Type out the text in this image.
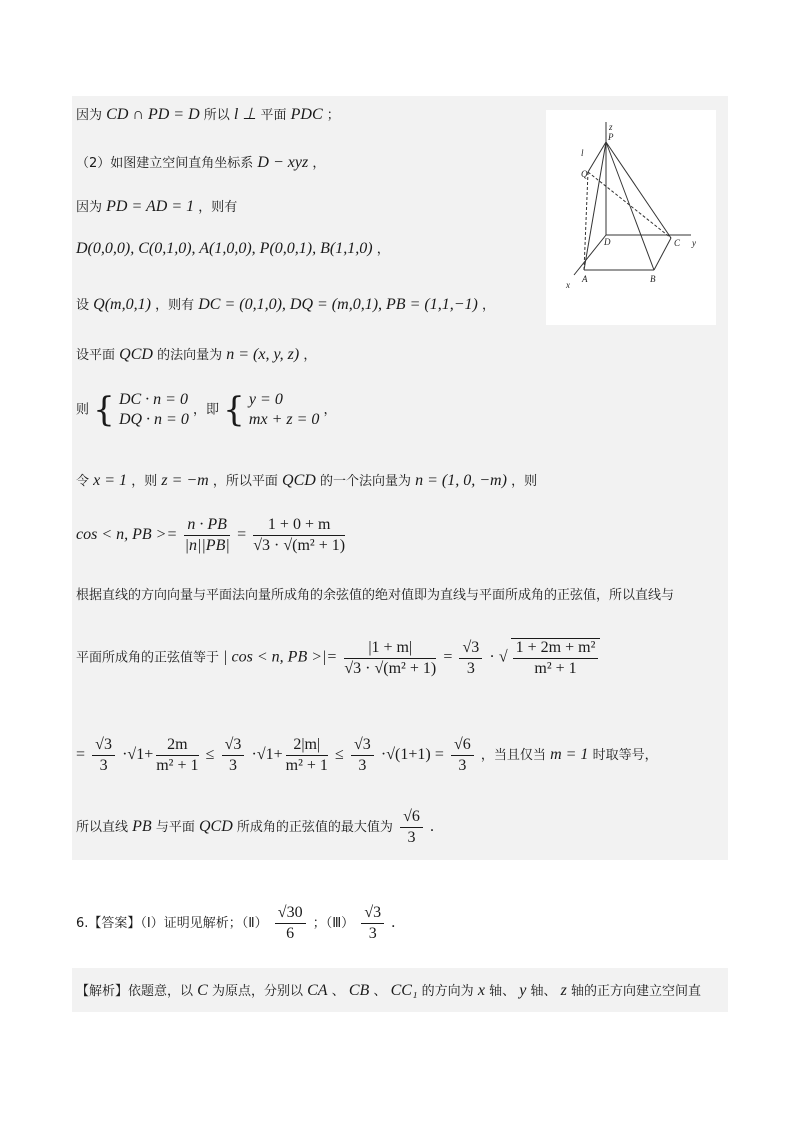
z
P
l
Q
D	C y
A	B
x
因为 CD ∩ PD = D 所以 l ⊥ 平面 PDC ；
（2）如图建立空间直角坐标系 D − xyz ，
因为 PD = AD = 1 ，则有
D(0,0,0), C(0,1,0), A(1,0,0), P(0,0,1), B(1,1,0) ，
设 Q(m,0,1) ，则有 DC = (0,1,0), DQ = (m,0,1), PB = (1,1,−1) ，
设平面 QCD 的法向量为 n = (x, y, z) ，
则 { DC · n = 0
DQ · n = 0
，即 { y = 0
mx + z = 0
，
令 x = 1 ，则 z = −m ，所以平面 QCD 的一个法向量为 n = (1, 0, −m) ，则
cos < n, PB >= $\frac{n \cdot PB}{|n||PB|} = \frac{1 + 0 + m}{\text{√3 · √(m² + 1)}}$
根据直线的方向向量与平面法向量所成角的余弦值的绝对值即为直线与平面所成角的正弦值，所以直线与
平面所成角的正弦值等于 | cos < n, PB >|= $\frac{|1 + m|}{\text{√3 · √(m² + 1)}} = \frac{√3}{3}$ · √ $\frac{\text{1 + 2m + m²}}{\text{m² + 1}}$
= $\frac{√3}{3} \cdot√1+ \frac{2m}{\text{m² + 1}} \le \frac{√3}{3} \cdot√1+ \frac{2|m|}{\text{m² + 1}} \le \frac{√3}{3} \cdot√(1+1) = \frac{√6}{3}$ ，当且仅当 m = 1 时取等号，
所以直线 PB 与平面 QCD 所成角的正弦值的最大值为 $\frac{√6}{3}$ .
6.【答案】（Ⅰ）证明见解析；（Ⅱ） $\frac{√30}{6}$ ；（Ⅲ） $\frac{√3}{3}$ .
【解析】依题意，以 C 为原点，分别以 CA 、 CB 、 CC₁ 的方向为 x 轴、 y 轴、 z 轴的正方向建立空间直
